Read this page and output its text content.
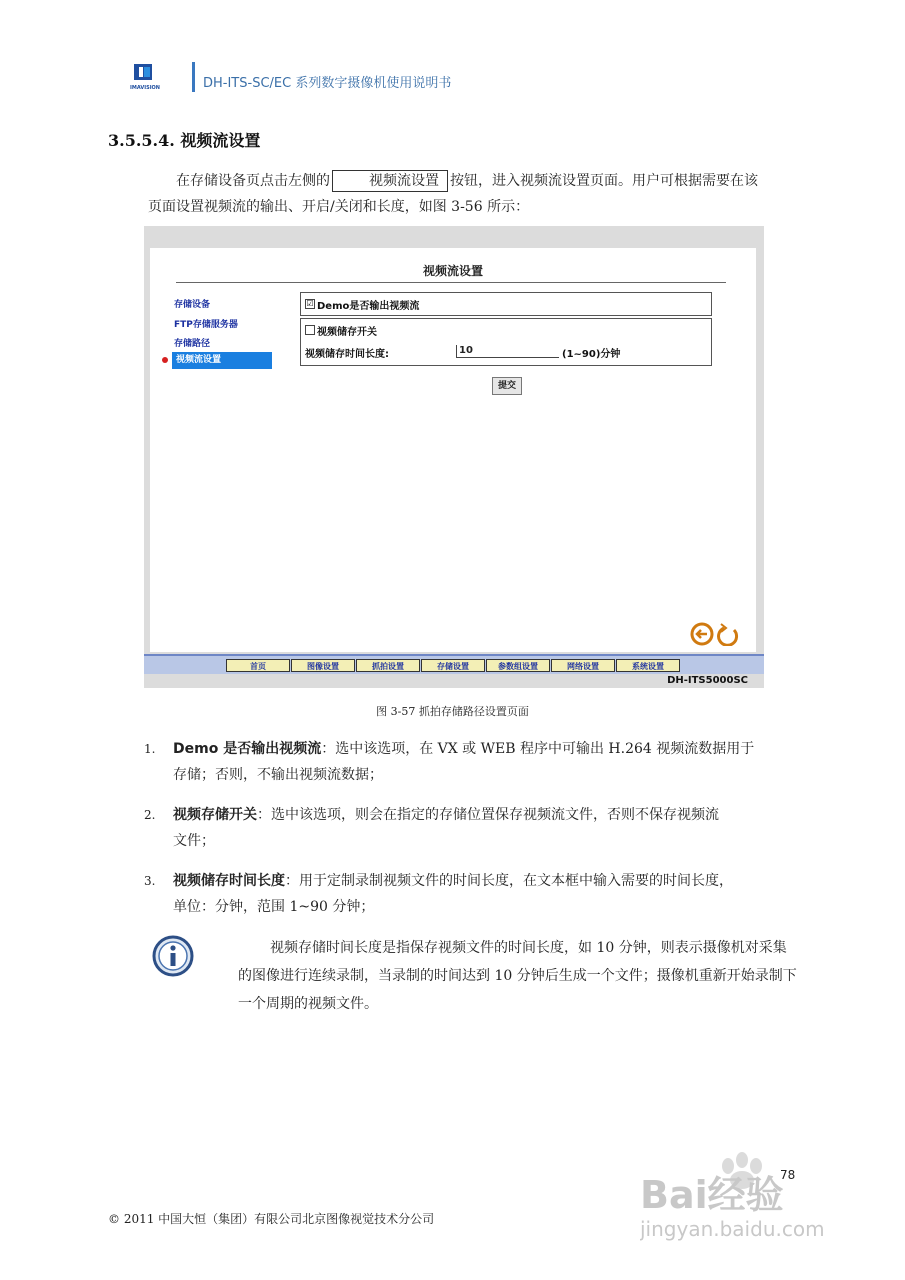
IMAVISION	DH-ITS-SC/EC 系列数字摄像机使用说明书
3.5.5.4. 视频流设置
在存储设备页点击左侧的	视频流设置 按钮，进入视频流设置页面。用户可根据需要在该
页面设置视频流的输出、开启/关闭和长度，如图 3-56 所示：
视频流设置
存储设备
FTP存储服务器
存储路径
视频流设置
☑ Demo是否输出视频流
视频储存开关
视频储存时间长度:	10	(1~90)分钟
提交
首页	图像设置	抓拍设置	存储设置	参数组设置	网络设置	系统设置
DH-ITS5000SC
图 3-57 抓拍存储路径设置页面
1. Demo 是否输出视频流：选中该选项，在 VX 或 WEB 程序中可输出 H.264 视频流数据用于
存储；否则，不输出视频流数据；
2. 视频存储开关：选中该选项，则会在指定的存储位置保存视频流文件，否则不保存视频流
文件；
3. 视频储存时间长度：用于定制录制视频文件的时间长度，在文本框中输入需要的时间长度，
单位：分钟，范围 1~90 分钟；
视频存储时间长度是指保存视频文件的时间长度，如 10 分钟，则表示摄像机对采集的图像进行连续录制，当录制的时间达到 10 分钟后生成一个文件；摄像机重新开始录制下一个周期的视频文件。
78
Bai经验
jingyan.baidu.com
© 2011 中国大恒（集团）有限公司北京图像视觉技术分公司
